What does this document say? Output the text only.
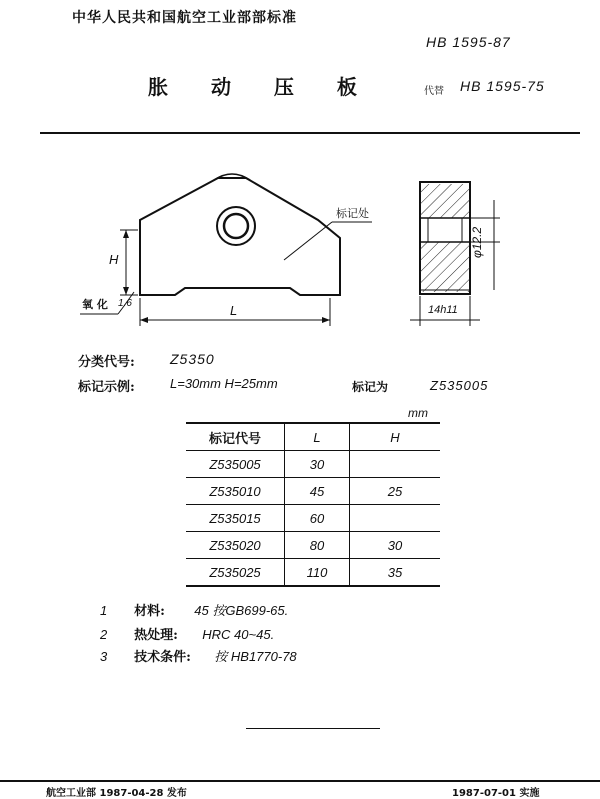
中华人民共和国航空工业部部标准
HB 1595-87
胀 动 压 板	代替 HB 1595-75
标记处
H
L
氧 化 1.6
φ12.2
14h11
分类代号:	Z5350
标记示例:	L=30mm H=25mm	标记为	Z535005
mm
标记代号	L	H
Z535005	30	
Z535010	45	25
Z535015	60	
Z535020	80	30
Z535025	110	35
1 材料: 45 按GB699-65.
2 热处理: HRC 40~45.
3 技术条件: 按 HB1770-78
航空工业部 1987-04-28 发布	1987-07-01 实施
